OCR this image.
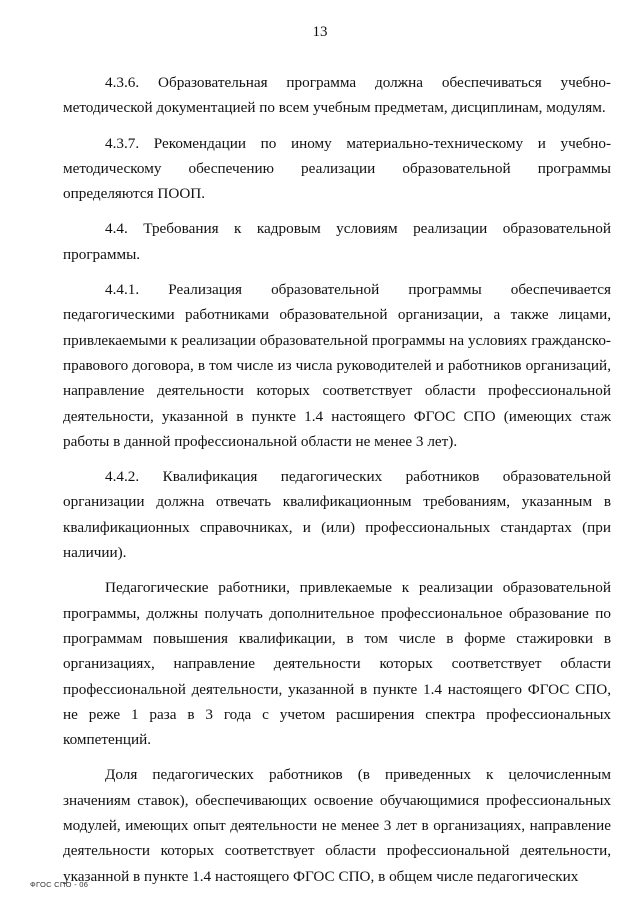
13

4.3.6. Образовательная программа должна обеспечиваться учебно-методической документацией по всем учебным предметам, дисциплинам, модулям.

4.3.7. Рекомендации по иному материально-техническому и учебно-методическому обеспечению реализации образовательной программы определяются ПООП.

4.4. Требования к кадровым условиям реализации образовательной программы.

4.4.1. Реализация образовательной программы обеспечивается педагогическими работниками образовательной организации, а также лицами, привлекаемыми к реализации образовательной программы на условиях гражданско-правового договора, в том числе из числа руководителей и работников организаций, направление деятельности которых соответствует области профессиональной деятельности, указанной в пункте 1.4 настоящего ФГОС СПО (имеющих стаж работы в данной профессиональной области не менее 3 лет).

4.4.2. Квалификация педагогических работников образовательной организации должна отвечать квалификационным требованиям, указанным в квалификационных справочниках, и (или) профессиональных стандартах (при наличии).

Педагогические работники, привлекаемые к реализации образовательной программы, должны получать дополнительное профессиональное образование по программам повышения квалификации, в том числе в форме стажировки в организациях, направление деятельности которых соответствует области профессиональной деятельности, указанной в пункте 1.4 настоящего ФГОС СПО, не реже 1 раза в 3 года с учетом расширения спектра профессиональных компетенций.

Доля педагогических работников (в приведенных к целочисленным значениям ставок), обеспечивающих освоение обучающимися профессиональных модулей, имеющих опыт деятельности не менее 3 лет в организациях, направление деятельности которых соответствует области профессиональной деятельности, указанной в пункте 1.4 настоящего ФГОС СПО, в общем числе педагогических

ФГОС СПО - 06
